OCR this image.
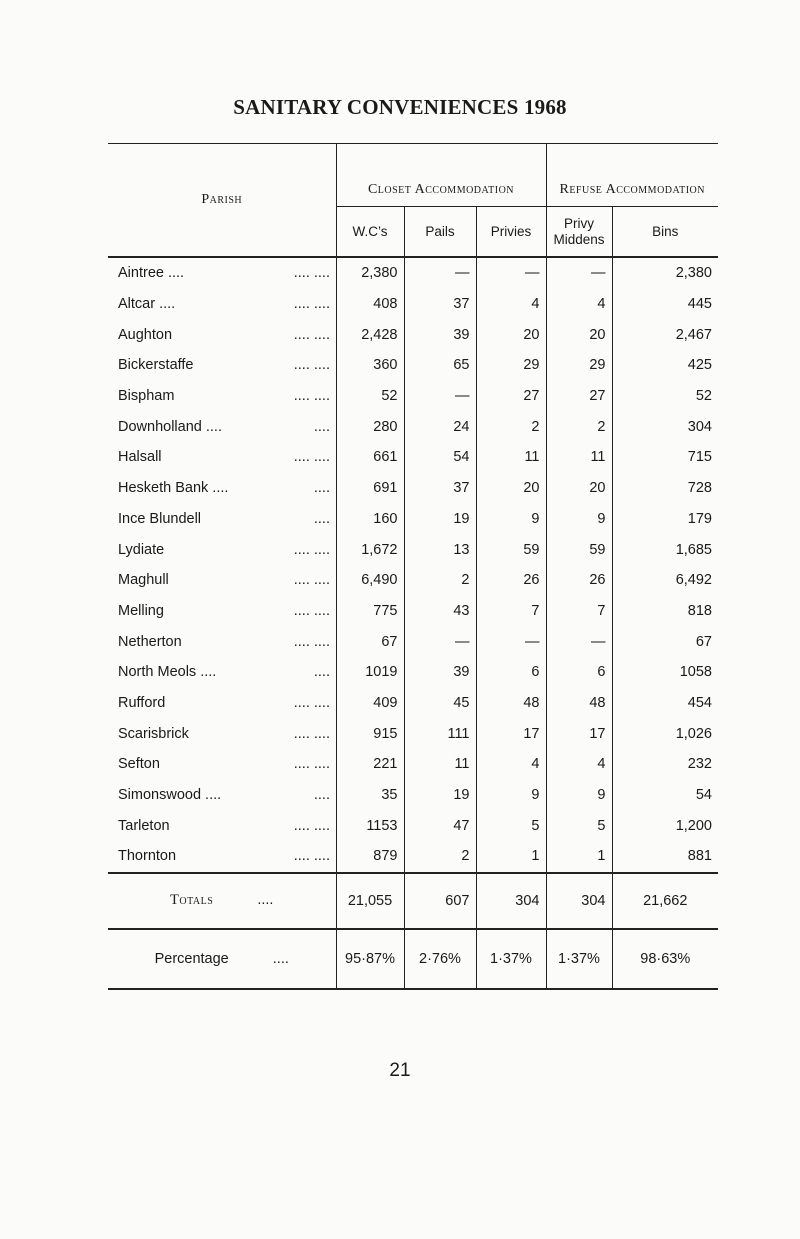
SANITARY CONVENIENCES 1968
Parish	Closet Accommodation			Refuse Accommodation	
	W.C’s	Pails	Privies	Privy Middens	Bins
Aintree .... .... ....	2,380	—	—	—	2,380
Altcar .... .... ....	408	37	4	4	445
Aughton .... ....	2,428	39	20	20	2,467
Bickerstaffe .... ....	360	65	29	29	425
Bispham .... ....	52	—	27	27	52
Downholland .... ....	280	24	2	2	304
Halsall .... ....	661	54	11	11	715
Hesketh Bank .... ....	691	37	20	20	728
Ince Blundell ....	160	19	9	9	179
Lydiate .... ....	1,672	13	59	59	1,685
Maghull .... ....	6,490	2	26	26	6,492
Melling .... ....	775	43	7	7	818
Netherton .... ....	67	—	—	—	67
North Meols .... ....	1019	39	6	6	1058
Rufford .... ....	409	45	48	48	454
Scarisbrick .... ....	915	111	17	17	1,026
Sefton .... ....	221	11	4	4	232
Simonswood .... ....	35	19	9	9	54
Tarleton .... ....	1153	47	5	5	1,200
Thornton .... ....	879	2	1	1	881
Totals ....	21,055	607	304	304	21,662
Percentage ....	95·87%	2·76%	1·37%	1·37%	98·63%
21
